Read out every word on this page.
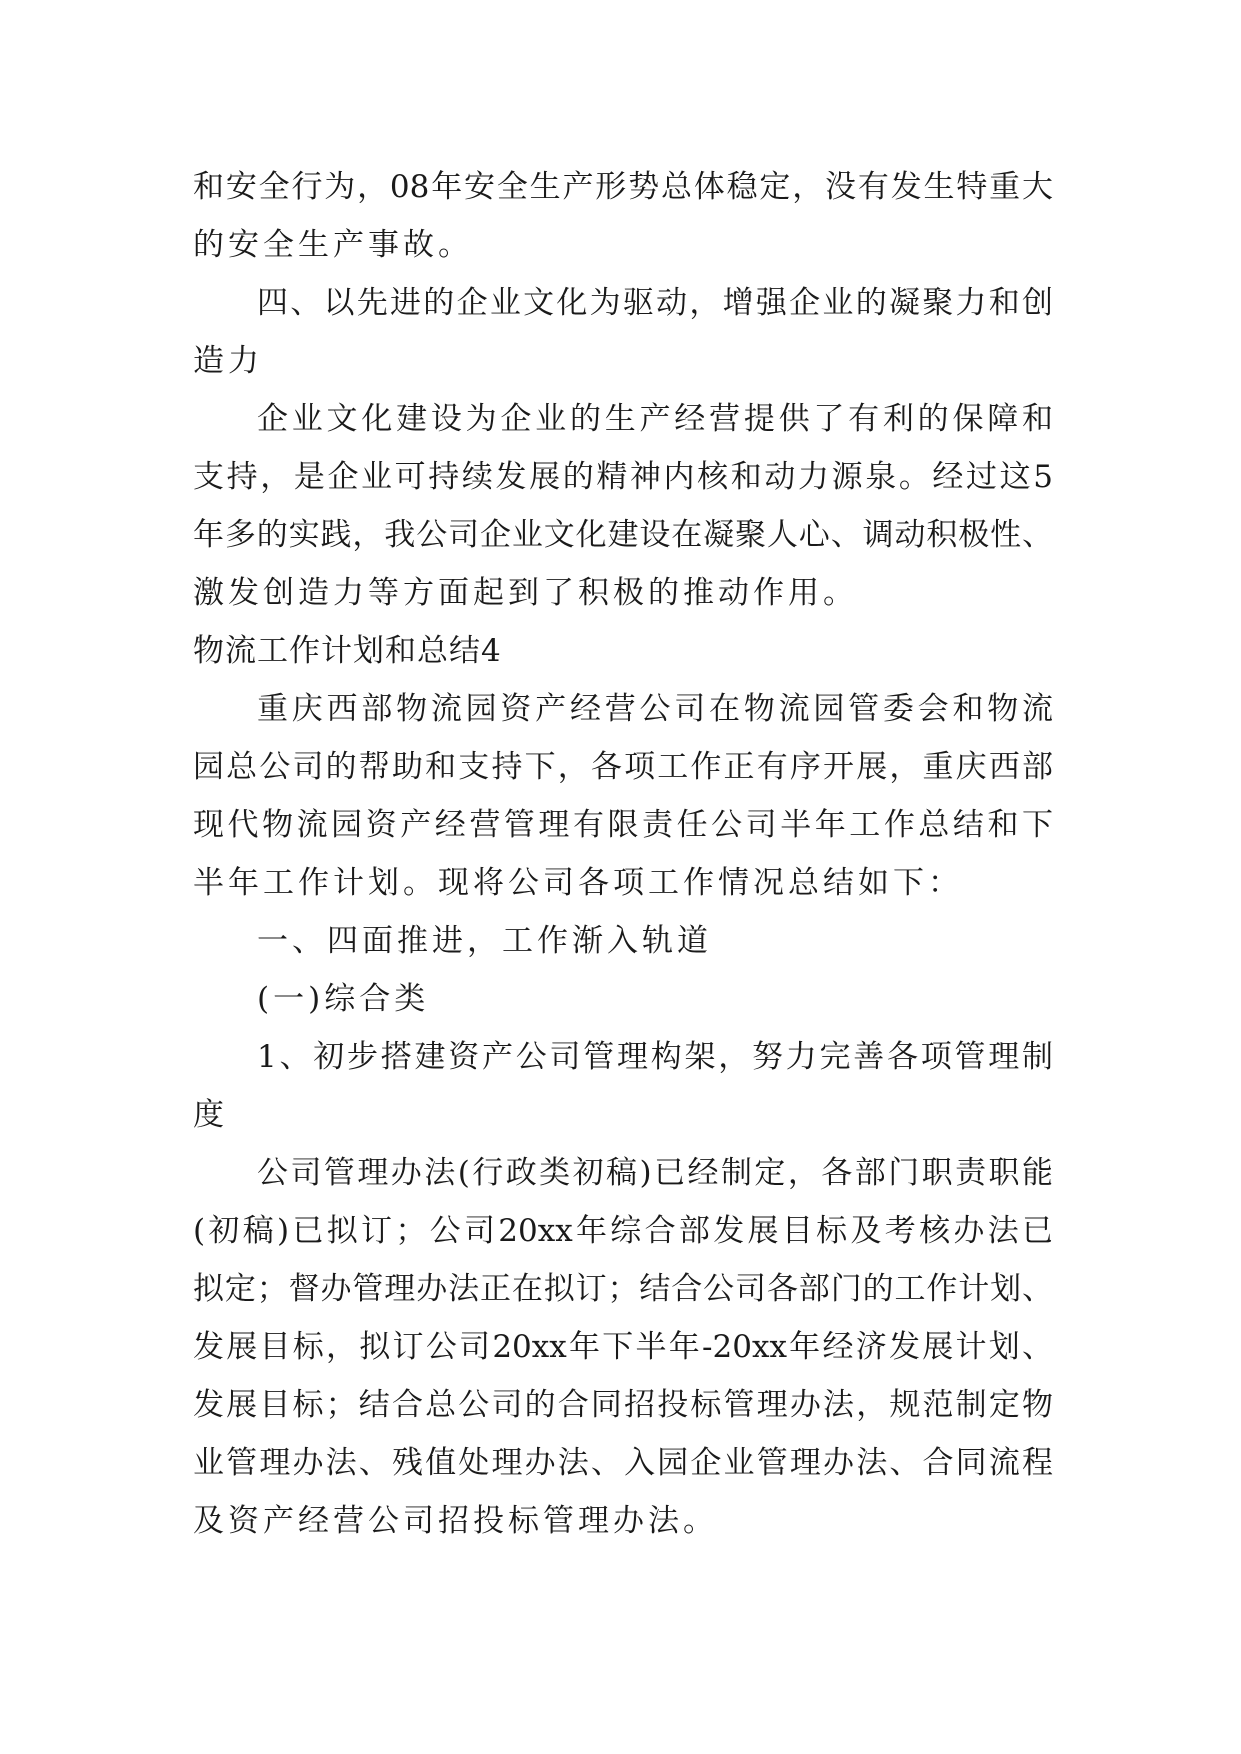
和安全行为，08年安全生产形势总体稳定，没有发生特重大
的安全生产事故。
四、以先进的企业文化为驱动，增强企业的凝聚力和创
造力
企业文化建设为企业的生产经营提供了有利的保障和
支持，是企业可持续发展的精神内核和动力源泉。经过这5
年多的实践，我公司企业文化建设在凝聚人心、调动积极性、
激发创造力等方面起到了积极的推动作用。
物流工作计划和总结4
重庆西部物流园资产经营公司在物流园管委会和物流
园总公司的帮助和支持下，各项工作正有序开展，重庆西部
现代物流园资产经营管理有限责任公司半年工作总结和下
半年工作计划。现将公司各项工作情况总结如下：
一、四面推进，工作渐入轨道
(一)综合类
1、初步搭建资产公司管理构架，努力完善各项管理制
度
公司管理办法(行政类初稿)已经制定，各部门职责职能
(初稿)已拟订；公司20xx年综合部发展目标及考核办法已
拟定；督办管理办法正在拟订；结合公司各部门的工作计划、
发展目标，拟订公司20xx年下半年-20xx年经济发展计划、
发展目标；结合总公司的合同招投标管理办法，规范制定物
业管理办法、残值处理办法、入园企业管理办法、合同流程
及资产经营公司招投标管理办法。
